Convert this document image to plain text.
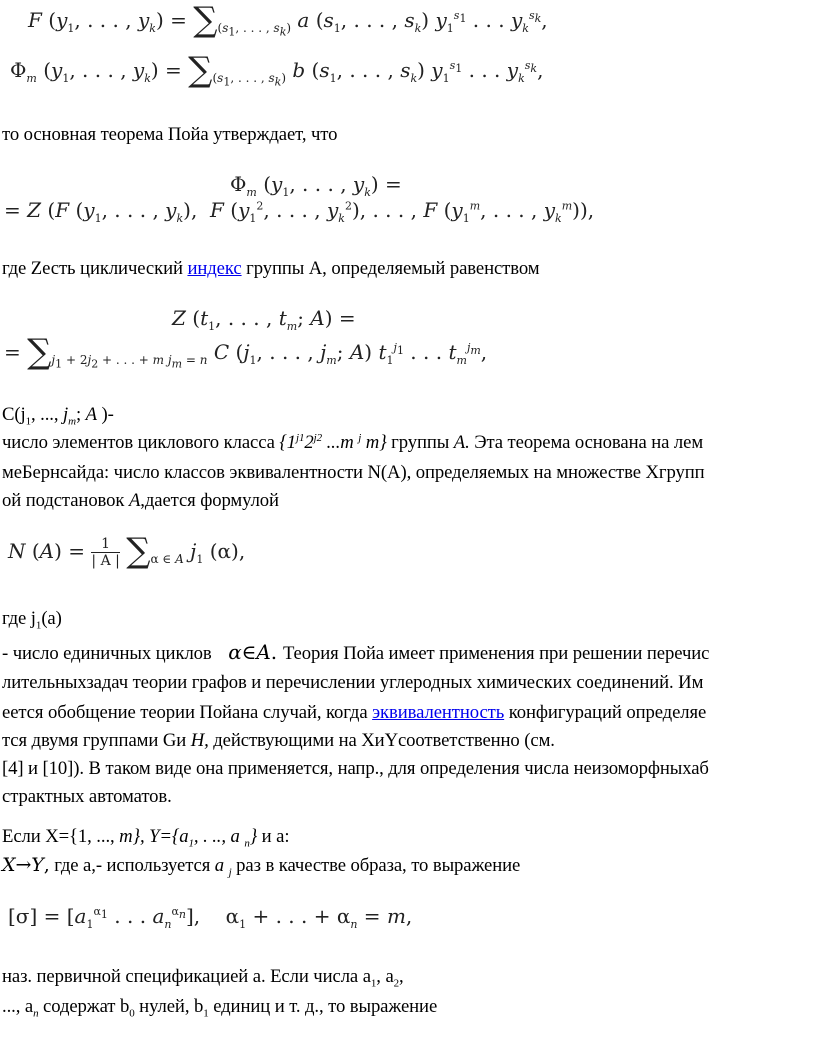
F ($y_1$, . . . , $y_k) = \sum_{(s_1, . . . , s_k)}$ a ($s_1$, . . . , $s_k$) $y_1^{s_1}$ . . . $y_k^{s_k}$,
$\Phi_m$ ($y_1$, . . . , $y_k) = \sum_{(s_1, . . . , s_k)}$ b ($s_1$, . . . , $s_k$) $y_1^{s_1}$ . . . $y_k^{s_k}$,
то основная теорема Пойа утверждает, что
$\Phi_m$ ($y_1$, . . . , $y_k$) =
= Z (F ($y_1$, . . . , $y_k$),  F ($y_1^2$, . . . , $y_k^2$), . . . , F ($y_1^m$, . . . , $y_k^m$)),
где Zесть циклический индекс группы А, определяемый равенством
Z ($t_1$, . . . , $t_m$; A) =
= $\sum_{j_1 + 2j_2 + . . . + m j_m = n}$ C ($j_1$, . . . , $j_m$; A) $t_1^{j_1}$ . . . $t_m^{j_m}$,
$C(j_1$, ..., $j_m$; A )-
число элементов циклового класса {$1^{j1}2^{j2}$ ...m $^j$ m} группы A. Эта теорема основана на лем
меБернсайда: число классов эквивалентности N(A), определяемых на множестве Xгрупп
ой подстановок A,дается формулой
N $(A) = \frac{1}{| A |} \sum_{\alpha \in A}$ $j_1$ (α),
где $j_1(a)$
- число единичных циклов α∈A. Теория Пойа имеет применения при решении перечис
лительныхзадач теории графов и перечислении углеродных химических соединений. Им
еется обобщение теории Пойана случай, когда эквивалентность конфигураций определяе
тся двумя группами Gи H, действующими на XиYсоответственно (см.
[4] и [10]). В таком виде она применяется, напр., для определения числа неизоморфныхаб
страктных автоматов.
Если X={1, ..., m}, $Y=\{a_1$, . .., a $_n$} и а:
X→Y, где а,- используется a $_j$ раз в качестве образа, то выражение
$[\sigma] = [a_1^{\alpha_1}$ . . . $a_n^{\alpha_n}$],    $\alpha_1$ + . . . + $\alpha_n = m$,
наз. первичной спецификацией а. Если числа $a_1$, $a_2$,
..., $a_n$ содержат $b_0$ нулей, $b_1$ единиц и т. д., то выражение
